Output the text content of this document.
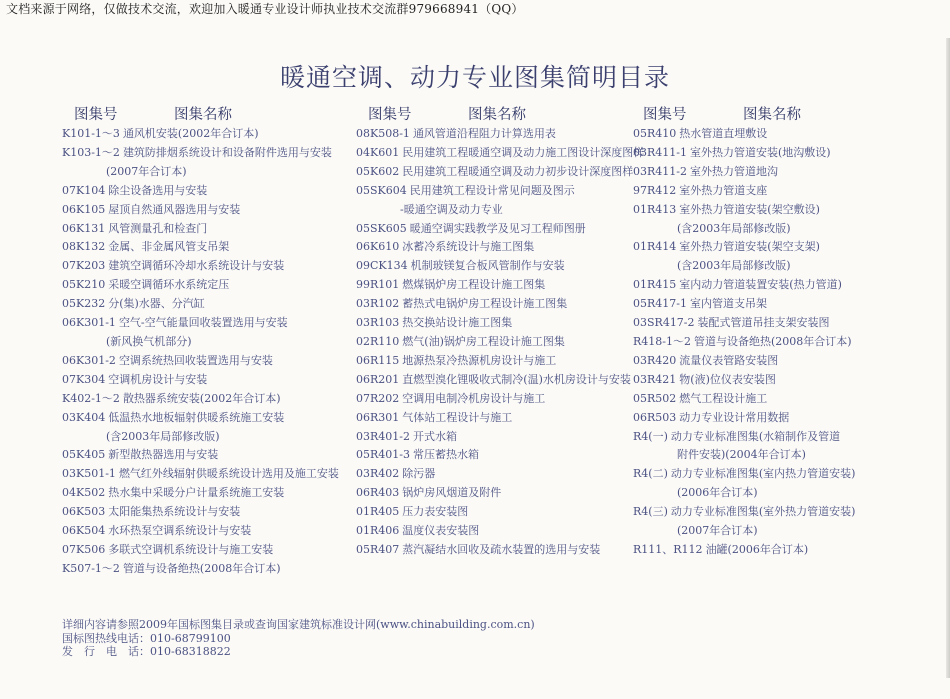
文档来源于网络，仅做技术交流，欢迎加入暖通专业设计师执业技术交流群979668941（QQ）
暖通空调、动力专业图集简明目录
图集号	图集名称
K101-1～3 通风机安装(2002年合订本)
K103-1～2 建筑防排烟系统设计和设备附件选用与安装
(2007年合订本)
07K104 除尘设备选用与安装
06K105 屋顶自然通风器选用与安装
06K131 风管测量孔和检查门
08K132 金属、非金属风管支吊架
07K203 建筑空调循环冷却水系统设计与安装
05K210 采暖空调循环水系统定压
05K232 分(集)水器、分汽缸
06K301-1 空气-空气能量回收装置选用与安装
(新风换气机部分)
06K301-2 空调系统热回收装置选用与安装
07K304 空调机房设计与安装
K402-1～2 散热器系统安装(2002年合订本)
03K404 低温热水地板辐射供暖系统施工安装
(含2003年局部修改版)
05K405 新型散热器选用与安装
03K501-1 燃气红外线辐射供暖系统设计选用及施工安装
04K502 热水集中采暖分户计量系统施工安装
06K503 太阳能集热系统设计与安装
06K504 水环热泵空调系统设计与安装
07K506 多联式空调机系统设计与施工安装
K507-1～2 管道与设备绝热(2008年合订本)
图集号	图集名称
08K508-1 通风管道沿程阻力计算选用表
04K601 民用建筑工程暖通空调及动力施工图设计深度图样
05K602 民用建筑工程暖通空调及动力初步设计深度图样
05SK604 民用建筑工程设计常见问题及图示
-暖通空调及动力专业
05SK605 暖通空调实践教学及见习工程师图册
06K610 冰蓄冷系统设计与施工图集
09CK134 机制玻镁复合板风管制作与安装
99R101 燃煤锅炉房工程设计施工图集
03R102 蓄热式电锅炉房工程设计施工图集
03R103 热交换站设计施工图集
02R110 燃气(油)锅炉房工程设计施工图集
06R115 地源热泵冷热源机房设计与施工
06R201 直燃型溴化锂吸收式制冷(温)水机房设计与安装
07R202 空调用电制冷机房设计与施工
06R301 气体站工程设计与施工
03R401-2 开式水箱
05R401-3 常压蓄热水箱
03R402 除污器
06R403 锅炉房风烟道及附件
01R405 压力表安装图
01R406 温度仪表安装图
05R407 蒸汽凝结水回收及疏水装置的选用与安装
图集号	图集名称
05R410 热水管道直埋敷设
03R411-1 室外热力管道安装(地沟敷设)
03R411-2 室外热力管道地沟
97R412 室外热力管道支座
01R413 室外热力管道安装(架空敷设)
(含2003年局部修改版)
01R414 室外热力管道安装(架空支架)
(含2003年局部修改版)
01R415 室内动力管道装置安装(热力管道)
05R417-1 室内管道支吊架
03SR417-2 装配式管道吊挂支架安装图
R418-1～2 管道与设备绝热(2008年合订本)
03R420 流量仪表管路安装图
03R421 物(液)位仪表安装图
05R502 燃气工程设计施工
06R503 动力专业设计常用数据
R4(一) 动力专业标准图集(水箱制作及管道
附件安装)(2004年合订本)
R4(二) 动力专业标准图集(室内热力管道安装)
(2006年合订本)
R4(三) 动力专业标准图集(室外热力管道安装)
(2007年合订本)
R111、R112 油罐(2006年合订本)
详细内容请参照2009年国标图集目录或查询国家建筑标准设计网(www.chinabuilding.com.cn)
国标图热线电话：010-68799100
发　行　电　话：010-68318822
